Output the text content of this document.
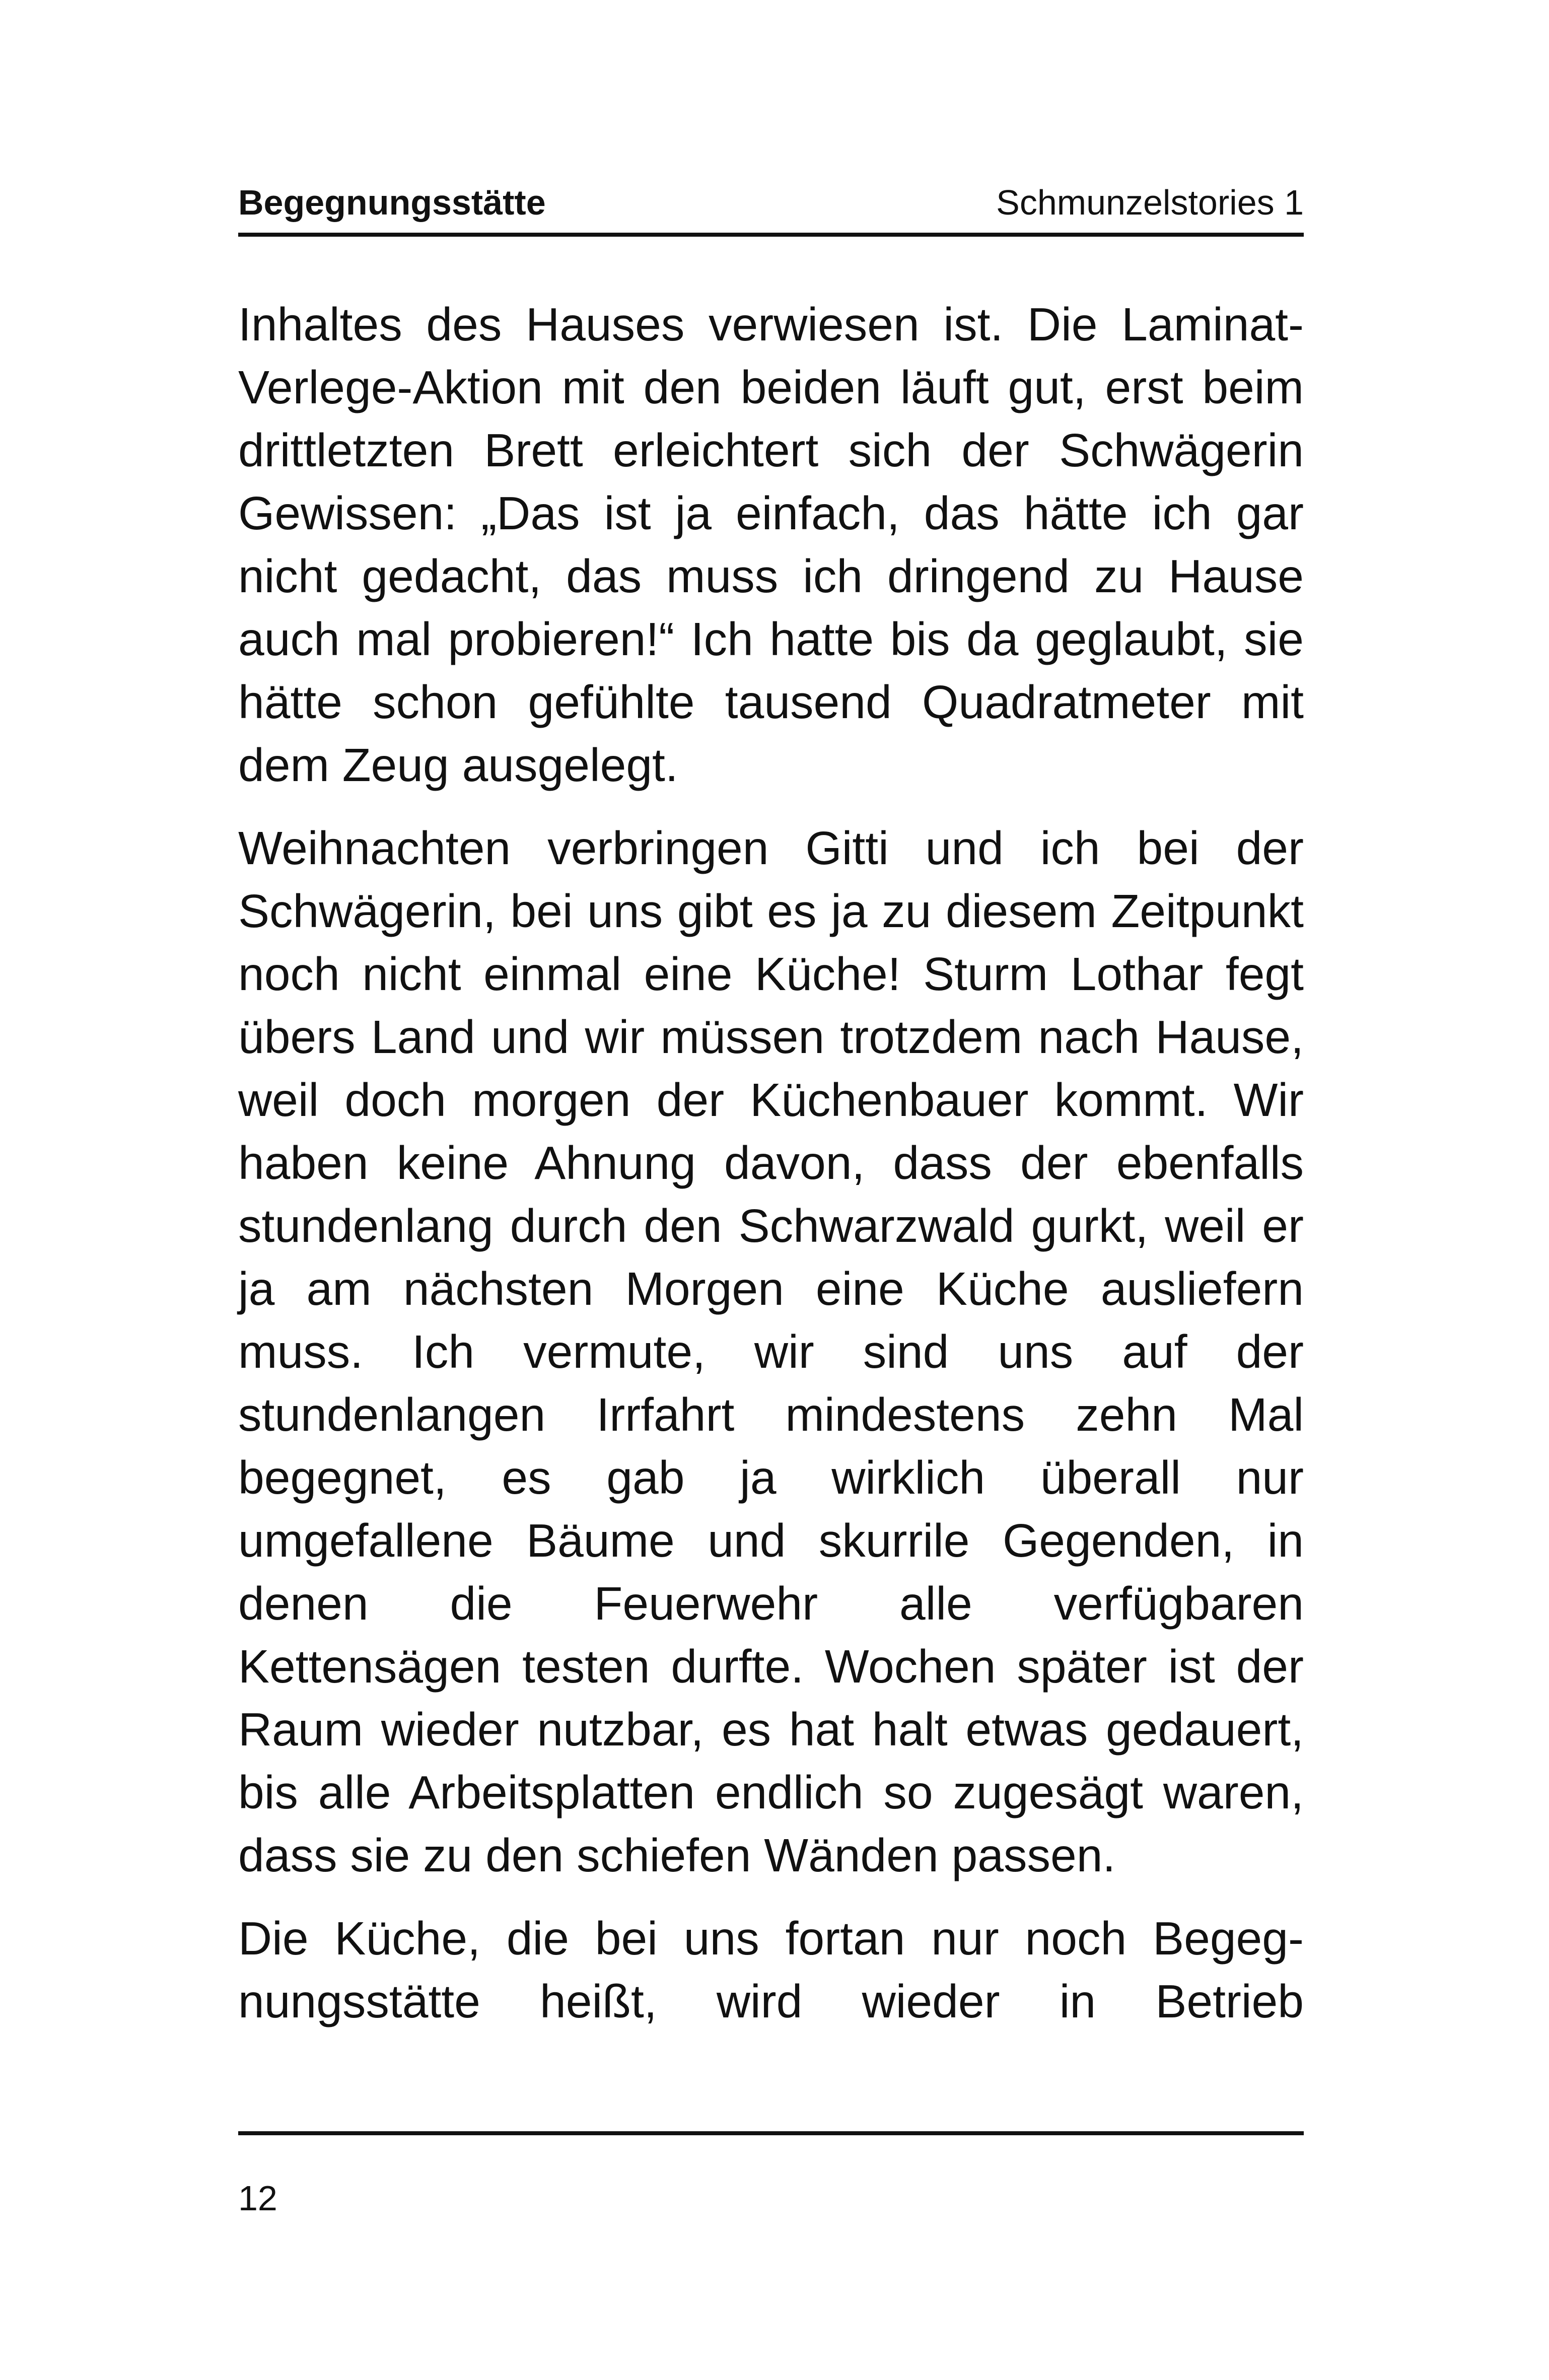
Begegnungsstätte	Schmunzelstories 1

Inhaltes des Hauses verwiesen ist. Die Laminat-Verlege-Aktion mit den beiden läuft gut, erst beim drittletzten Brett erleichtert sich der Schwägerin Gewissen: „Das ist ja einfach, das hätte ich gar nicht gedacht, das muss ich dringend zu Hause auch mal probieren!“ Ich hatte bis da geglaubt, sie hätte schon gefühlte tausend Quadratmeter mit dem Zeug ausgelegt.

Weihnachten verbringen Gitti und ich bei der Schwägerin, bei uns gibt es ja zu diesem Zeitpunkt noch nicht einmal eine Küche! Sturm Lothar fegt übers Land und wir müssen trotzdem nach Hause, weil doch morgen der Küchenbauer kommt. Wir haben keine Ahnung davon, dass der ebenfalls stundenlang durch den Schwarzwald gurkt, weil er ja am nächsten Morgen eine Küche ausliefern muss. Ich vermute, wir sind uns auf der stundenlangen Irrfahrt mindestens zehn Mal begegnet, es gab ja wirklich überall nur umgefallene Bäume und skurrile Gegenden, in denen die Feuerwehr alle verfügbaren Kettensägen testen durfte. Wochen später ist der Raum wieder nutzbar, es hat halt etwas gedauert, bis alle Arbeitsplatten endlich so zugesägt waren, dass sie zu den schiefen Wänden passen.

Die Küche, die bei uns fortan nur noch Begegnungsstätte heißt, wird wieder in Betrieb

12
